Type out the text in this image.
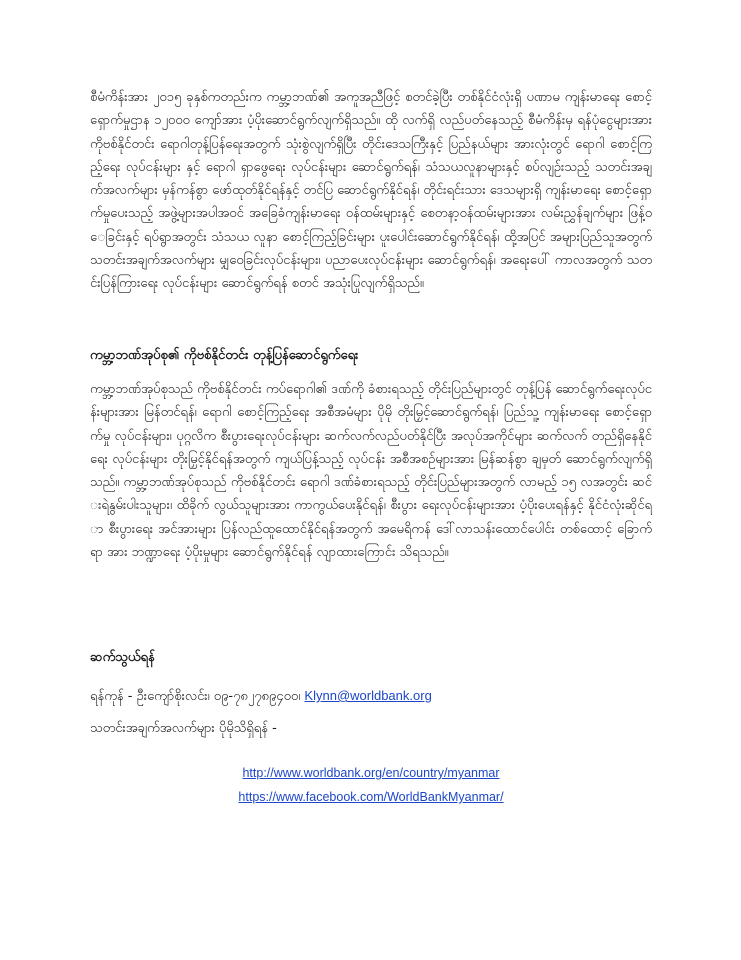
စီမံကိန်းအား ၂၀၁၅ ခုနှစ်ကတည်းက ကမ္ဘာ့ဘဏ်၏ အကူအညီဖြင့် စတင်ခဲ့ပြီး တစ်နိုင်ငံလုံးရှိ ပဏာမ ကျန်းမာရေး စောင့်ရှောက်မှုဌာန ၁၂၀၀၀ ကျော်အား ပံ့ပိုးဆောင်ရွက်လျက်ရှိသည်။ ထို လက်ရှိ လည်ပတ်နေသည့် စီမံကိန်းမှ ရန်ပုံငွေများအား ကိုဗစ်နိုင်တင်း ရောဂါတုန့်ပြန်ရေးအတွက် သုံးစွဲလျက်ရှိပြီး တိုင်းဒေသကြီးနှင့် ပြည်နယ်များ အားလုံးတွင် ရောဂါ စောင့်ကြည့်ရေး လုပ်ငန်းများ နှင့် ရောဂါ ရှာဖွေရေး လုပ်ငန်းများ ဆောင်ရွက်ရန်၊ သံသယလူနာများနှင့် စပ်လျဉ်းသည့် သတင်းအချက်အလက်များ မှန်ကန်စွာ ဖော်ထုတ်နိုင်ရန်နှင့် တင်ပြ ဆောင်ရွက်နိုင်ရန်၊ တိုင်းရင်းသား ဒေသများရှိ ကျန်းမာရေး စောင့်ရှောက်မှုပေးသည့် အဖွဲ့များအပါအဝင် အခြေခံကျန်းမာရေး ဝန်ထမ်းများနှင့် စေတနာ့ဝန်ထမ်းများအား လမ်းညွှန်ချက်များ ဖြန့်ဝေခြင်းနှင့် ရပ်ရွာအတွင်း သံသယ လူနာ စောင့်ကြည့်ခြင်းများ ပူးပေါင်းဆောင်ရွက်နိုင်ရန်၊ ထို့အပြင် အများပြည်သူအတွက် သတင်းအချက်အလက်များ မျှဝေခြင်းလုပ်ငန်းများ၊ ပညာပေးလုပ်ငန်းများ ဆောင်ရွက်ရန်၊ အရေးပေါ် ကာလအတွက် သတင်းပြန်ကြားရေး လုပ်ငန်းများ ဆောင်ရွက်ရန် စတင် အသုံးပြုလျက်ရှိသည်။

ကမ္ဘာ့ဘဏ်အုပ်စု၏ ကိုဗစ်နိုင်တင်း တုန့်ပြန်ဆောင်ရွက်ရေး

ကမ္ဘာ့ဘဏ်အုပ်စုသည် ကိုဗစ်နိုင်တင်း ကပ်ရောဂါ၏ ဒဏ်ကို ခံစားရသည့် တိုင်းပြည်များတွင် တုန့်ပြန် ဆောင်ရွက်ရေးလုပ်ငန်းများအား မြန်တင်ရန်၊ ရောဂါ စောင့်ကြည့်ရေး အစီအမံများ ပိုမို တိုးမြှင့်ဆောင်ရွက်ရန်၊ ပြည်သူ့ ကျန်းမာရေး စောင့်ရှောက်မှု လုပ်ငန်းများ၊ ပုဂ္ဂလိက စီးပွားရေးလုပ်ငန်းများ ဆက်လက်လည်ပတ်နိုင်ပြီး အလုပ်အကိုင်များ ဆက်လက် တည်ရှိနေနိုင်ရေး လုပ်ငန်းများ တိုးမြှင့်နိုင်ရန်အတွက် ကျယ်ပြန့်သည့် လုပ်ငန်း အစီအစဉ်များအား မြန်ဆန်စွာ ချမှတ် ဆောင်ရွက်လျက်ရှိသည်။ ကမ္ဘာ့ဘဏ်အုပ်စုသည် ကိုဗစ်နိုင်တင်း ရောဂါ ဒဏ်ခံစားရသည့် တိုင်းပြည်များအတွက် လာမည့် ၁၅ လအတွင်း ဆင်းရဲနွမ်းပါးသူများ၊ ထိခိုက် လွယ်သူများအား ကာကွယ်ပေးနိုင်ရန်၊ စီးပွား ရေးလုပ်ငန်းများအား ပံ့ပိုးပေးရန်နှင့် နိုင်ငံလုံးဆိုင်ရာ စီးပွားရေး အင်အားများ ပြန်လည်ထူထောင်နိုင်ရန်အတွက် အမေရိကန် ဒေါ်လာသန်းထောင်ပေါင်း တစ်ထောင့် ခြောက်ရာ အား ဘဏ္ဍာရေး ပံ့ပိုးမှုများ ဆောင်ရွက်နိုင်ရန် လျာထားကြောင်း သိရသည်။

ဆက်သွယ်ရန်

ရန်ကုန် - ဦးကျော်စိုးလင်း၊ ၀၉-၇၈၂၇၈၉၄၀၀၊ Klynn@worldbank.org

သတင်းအချက်အလက်များ ပိုမိုသိရှိရန် -

http://www.worldbank.org/en/country/myanmar
https://www.facebook.com/WorldBankMyanmar/
